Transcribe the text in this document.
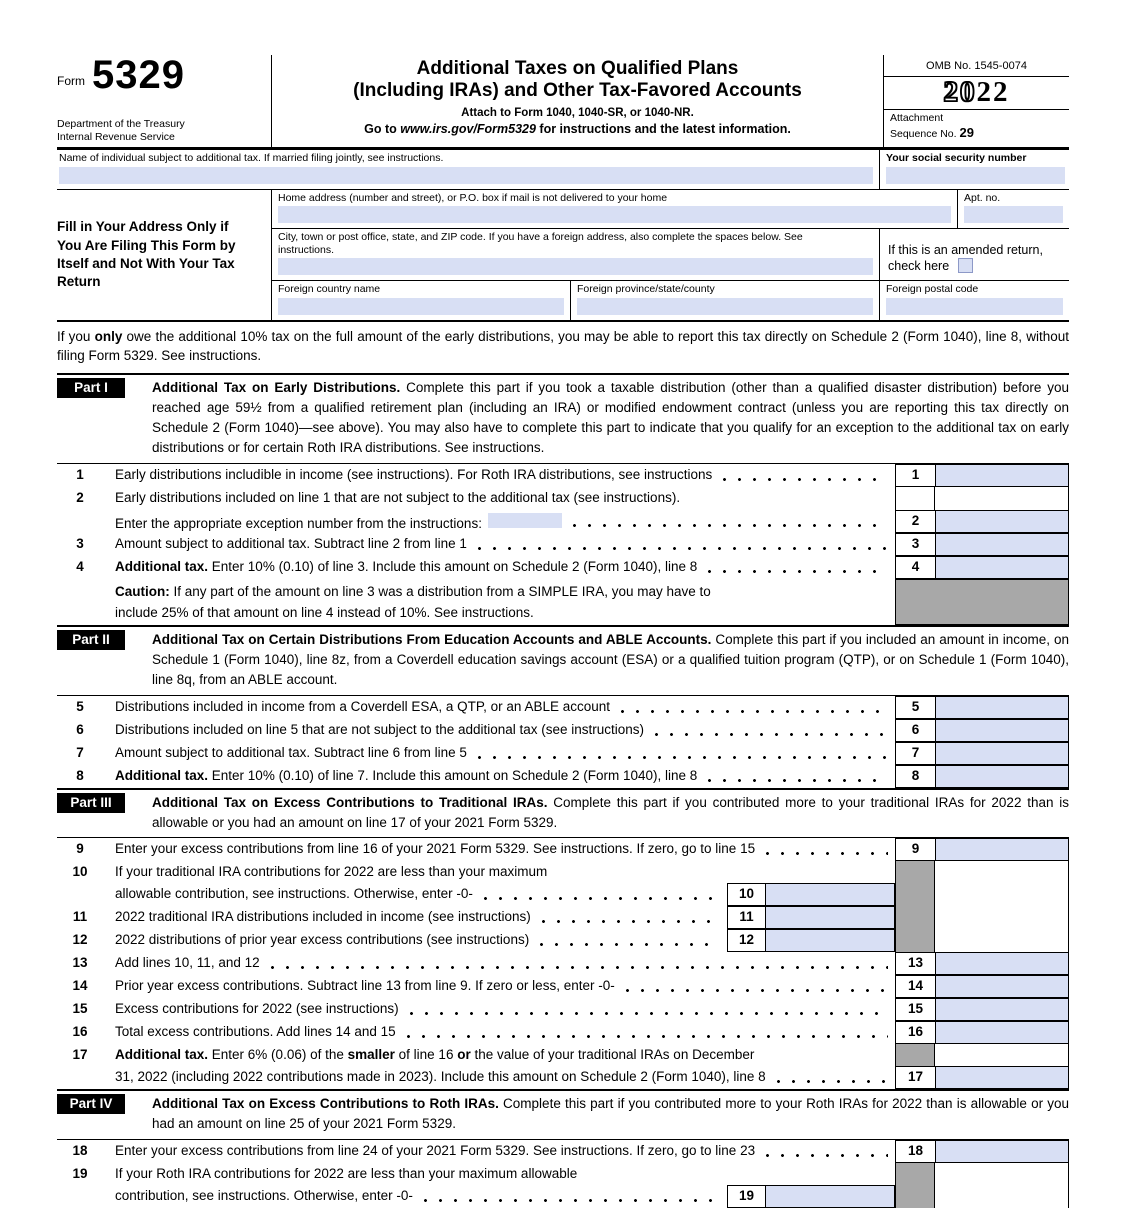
Form 5329
Department of the Treasury
Internal Revenue Service
Additional Taxes on Qualified Plans
(Including IRAs) and Other Tax-Favored Accounts
Attach to Form 1040, 1040-SR, or 1040-NR.
Go to www.irs.gov/Form5329 for instructions and the latest information.
OMB No. 1545-0074
2022
Attachment
Sequence No. 29
Name of individual subject to additional tax. If married filing jointly, see instructions.	Your social security number
Fill in Your Address Only if You Are Filing This Form by Itself and Not With Your Tax Return
Home address (number and street), or P.O. box if mail is not delivered to your home	Apt. no.
City, town or post office, state, and ZIP code. If you have a foreign address, also complete the spaces below. See instructions.	If this is an amended return, check here
Foreign country name	Foreign province/state/county	Foreign postal code
If you only owe the additional 10% tax on the full amount of the early distributions, you may be able to report this tax directly on Schedule 2 (Form 1040), line 8, without filing Form 5329. See instructions.
Part I	Additional Tax on Early Distributions. Complete this part if you took a taxable distribution (other than a qualified disaster distribution) before you reached age 59½ from a qualified retirement plan (including an IRA) or modified endowment contract (unless you are reporting this tax directly on Schedule 2 (Form 1040)—see above). You may also have to complete this part to indicate that you qualify for an exception to the additional tax on early distributions or for certain Roth IRA distributions. See instructions.
1	Early distributions includible in income (see instructions). For Roth IRA distributions, see instructions	1
2	Early distributions included on line 1 that are not subject to the additional tax (see instructions).
Enter the appropriate exception number from the instructions:	2
3	Amount subject to additional tax. Subtract line 2 from line 1	3
4	Additional tax. Enter 10% (0.10) of line 3. Include this amount on Schedule 2 (Form 1040), line 8	4
Caution: If any part of the amount on line 3 was a distribution from a SIMPLE IRA, you may have to
include 25% of that amount on line 4 instead of 10%. See instructions.
Part II	Additional Tax on Certain Distributions From Education Accounts and ABLE Accounts. Complete this part if you included an amount in income, on Schedule 1 (Form 1040), line 8z, from a Coverdell education savings account (ESA) or a qualified tuition program (QTP), or on Schedule 1 (Form 1040), line 8q, from an ABLE account.
5	Distributions included in income from a Coverdell ESA, a QTP, or an ABLE account	5
6	Distributions included on line 5 that are not subject to the additional tax (see instructions)	6
7	Amount subject to additional tax. Subtract line 6 from line 5	7
8	Additional tax. Enter 10% (0.10) of line 7. Include this amount on Schedule 2 (Form 1040), line 8	8
Part III	Additional Tax on Excess Contributions to Traditional IRAs. Complete this part if you contributed more to your traditional IRAs for 2022 than is allowable or you had an amount on line 17 of your 2021 Form 5329.
9	Enter your excess contributions from line 16 of your 2021 Form 5329. See instructions. If zero, go to line 15	9
10	If your traditional IRA contributions for 2022 are less than your maximum
allowable contribution, see instructions. Otherwise, enter -0-	10
11	2022 traditional IRA distributions included in income (see instructions)	11
12	2022 distributions of prior year excess contributions (see instructions)	12
13	Add lines 10, 11, and 12	13
14	Prior year excess contributions. Subtract line 13 from line 9. If zero or less, enter -0-	14
15	Excess contributions for 2022 (see instructions)	15
16	Total excess contributions. Add lines 14 and 15	16
17	Additional tax. Enter 6% (0.06) of the smaller of line 16 or the value of your traditional IRAs on December
31, 2022 (including 2022 contributions made in 2023). Include this amount on Schedule 2 (Form 1040), line 8	17
Part IV	Additional Tax on Excess Contributions to Roth IRAs. Complete this part if you contributed more to your Roth IRAs for 2022 than is allowable or you had an amount on line 25 of your 2021 Form 5329.
18	Enter your excess contributions from line 24 of your 2021 Form 5329. See instructions. If zero, go to line 23	18
19	If your Roth IRA contributions for 2022 are less than your maximum allowable
contribution, see instructions. Otherwise, enter -0-	19
